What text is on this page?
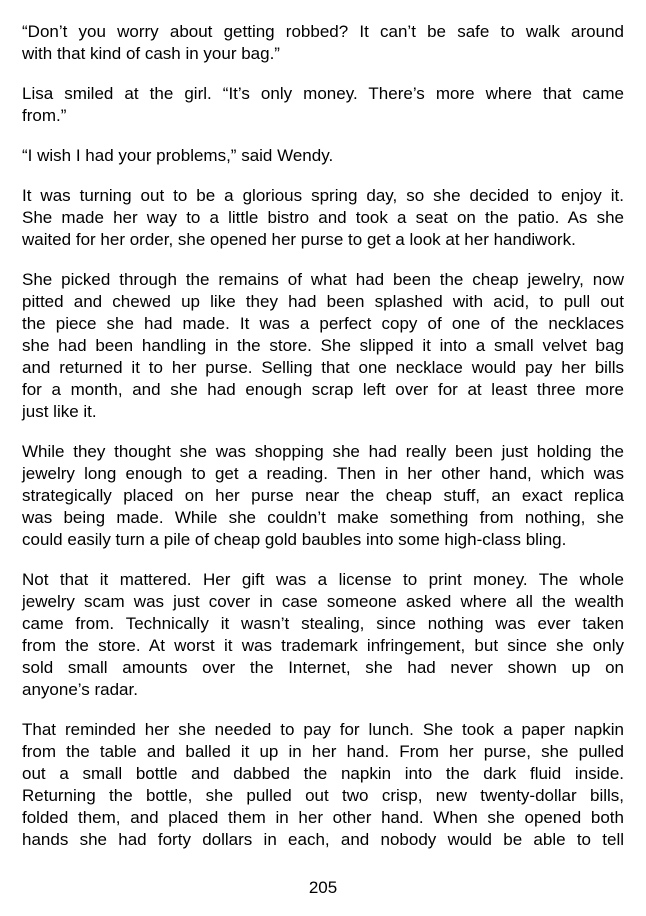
“Don’t you worry about getting robbed? It can’t be safe to walk around
with that kind of cash in your bag.”
Lisa smiled at the girl. “It’s only money. There’s more where that came
from.”
“I wish I had your problems,” said Wendy.
It was turning out to be a glorious spring day, so she decided to enjoy it.
She made her way to a little bistro and took a seat on the patio. As she
waited for her order, she opened her purse to get a look at her handiwork.
She picked through the remains of what had been the cheap jewelry, now
pitted and chewed up like they had been splashed with acid, to pull out
the piece she had made. It was a perfect copy of one of the necklaces
she had been handling in the store. She slipped it into a small velvet bag
and returned it to her purse. Selling that one necklace would pay her bills
for a month, and she had enough scrap left over for at least three more
just like it.
While they thought she was shopping she had really been just holding the
jewelry long enough to get a reading. Then in her other hand, which was
strategically placed on her purse near the cheap stuff, an exact replica
was being made. While she couldn’t make something from nothing, she
could easily turn a pile of cheap gold baubles into some high-class bling.
Not that it mattered. Her gift was a license to print money. The whole
jewelry scam was just cover in case someone asked where all the wealth
came from. Technically it wasn’t stealing, since nothing was ever taken
from the store. At worst it was trademark infringement, but since she only
sold small amounts over the Internet, she had never shown up on
anyone’s radar.
That reminded her she needed to pay for lunch. She took a paper napkin
from the table and balled it up in her hand. From her purse, she pulled
out a small bottle and dabbed the napkin into the dark fluid inside.
Returning the bottle, she pulled out two crisp, new twenty-dollar bills,
folded them, and placed them in her other hand. When she opened both
hands she had forty dollars in each, and nobody would be able to tell
205
